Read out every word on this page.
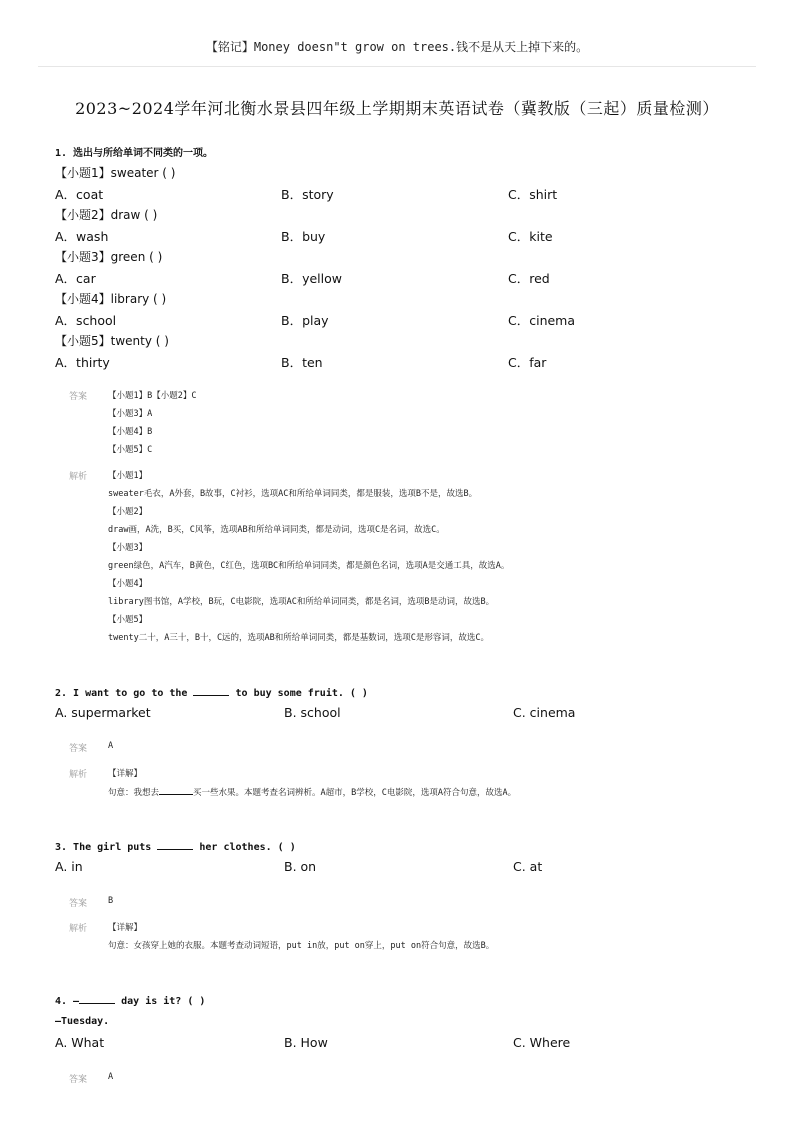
【铭记】Money doesn"t grow on trees.钱不是从天上掉下来的。
2023~2024学年河北衡水景县四年级上学期期末英语试卷（冀教版（三起）质量检测）
1. 选出与所给单词不同类的一项。
【小题1】sweater ( )
A．coat	B．story	C．shirt
【小题2】draw ( )
A．wash	B．buy	C．kite
【小题3】green ( )
A．car	B．yellow	C．red
【小题4】library ( )
A．school	B．play	C．cinema
【小题5】twenty ( )
A．thirty	B．ten	C．far
答案 【小题1】B【小题2】C
【小题3】A
【小题4】B
【小题5】C
解析 【小题1】
sweater毛衣，A外套，B故事，C衬衫，选项AC和所给单词同类，都是服装，选项B不是，故选B。
【小题2】
draw画，A洗，B买，C风筝，选项AB和所给单词同类，都是动词，选项C是名词，故选C。
【小题3】
green绿色，A汽车，B黄色，C红色，选项BC和所给单词同类，都是颜色名词，选项A是交通工具，故选A。
【小题4】
library图书馆，A学校，B玩，C电影院，选项AC和所给单词同类，都是名词，选项B是动词，故选B。
【小题5】
twenty二十，A三十，B十，C远的，选项AB和所给单词同类，都是基数词，选项C是形容词，故选C。
2. I want to go to the	to buy some fruit. ( )
A. supermarket	B. school	C. cinema
答案 A
解析 【详解】
句意：我想去	买一些水果。本题考查名词辨析。A超市，B学校，C电影院，选项A符合句意，故选A。
3. The girl puts	her clothes. ( )
A. in	B. on	C. at
答案 B
解析 【详解】
句意：女孩穿上她的衣服。本题考查动词短语，put in放，put on穿上，put on符合句意，故选B。
4. —	day is it? ( )
—Tuesday.
A. What	B. How	C. Where
答案 A
